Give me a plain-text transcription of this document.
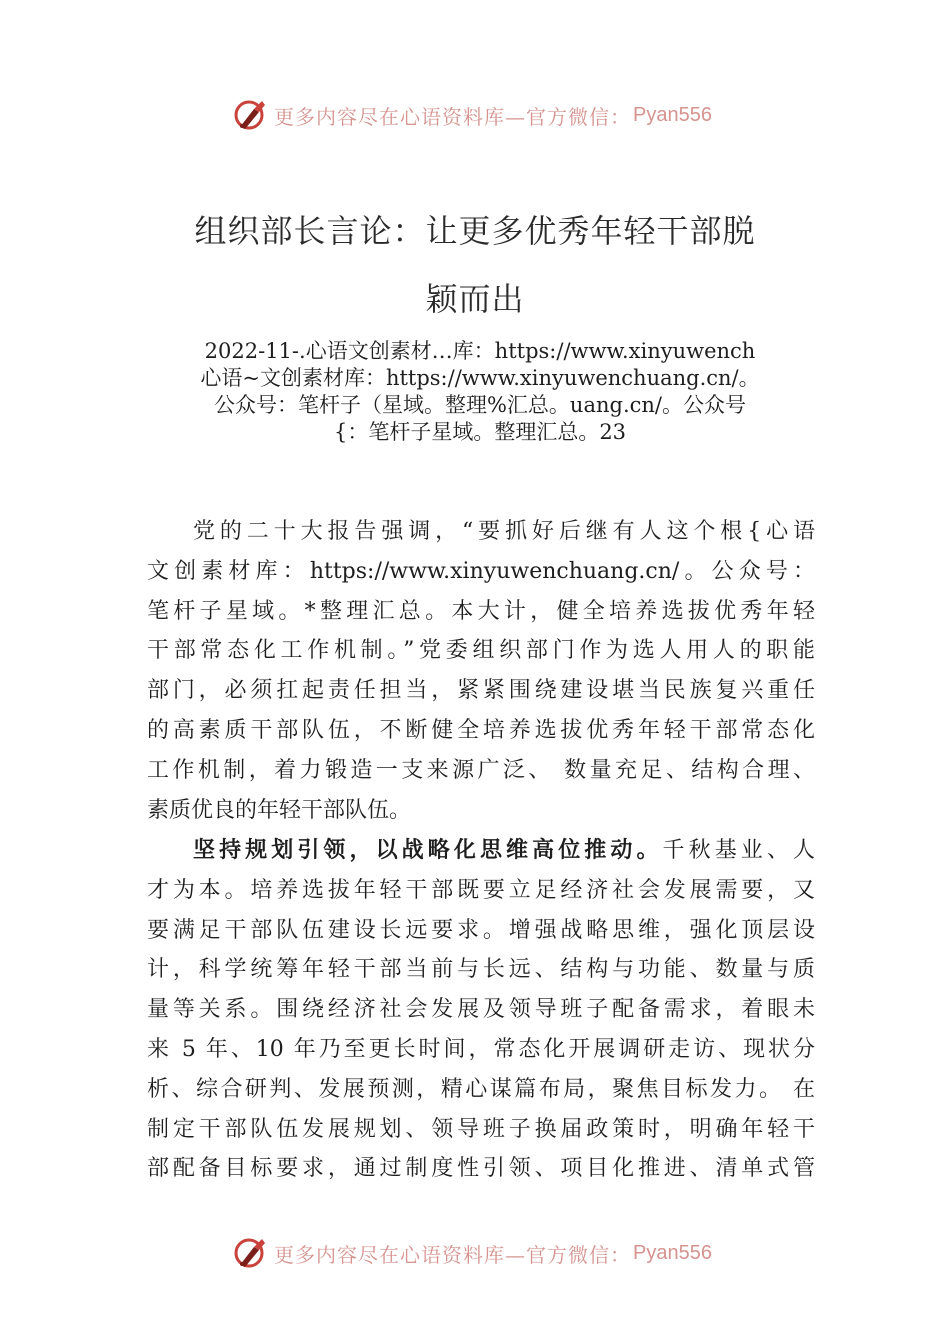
更多内容尽在心语资料库—官方微信： Pyan556
组织部长言论：让更多优秀年轻干部脱
颖而出
2022-11-.心语文创素材…库：https://www.xinyuwench
心语~文创素材库：https://www.xinyuwenchuang.cn/。
公众号：笔杆子（星域。整理%汇总。uang.cn/。公众号
{：笔杆子星域。整理汇总。23
党的二十大报告强调，“要抓好后继有人这个根{心语
文创素材库：https://www.xinyuwenchuang.cn/。公众号：
笔杆子星域。*整理汇总。本大计，健全培养选拔优秀年轻
干部常态化工作机制。”党委组织部门作为选人用人的职能
部门，必须扛起责任担当，紧紧围绕建设堪当民族复兴重任
的高素质干部队伍，不断健全培养选拔优秀年轻干部常态化
工作机制，着力锻造一支来源广泛、 数量充足、结构合理、
素质优良的年轻干部队伍。
坚持规划引领，以战略化思维高位推动。千秋基业、人
才为本。培养选拔年轻干部既要立足经济社会发展需要，又
要满足干部队伍建设长远要求。增强战略思维，强化顶层设
计，科学统筹年轻干部当前与长远、结构与功能、数量与质
量等关系。围绕经济社会发展及领导班子配备需求，着眼未
来 5 年、10 年乃至更长时间，常态化开展调研走访、现状分
析、综合研判、发展预测，精心谋篇布局，聚焦目标发力。 在
制定干部队伍发展规划、领导班子换届政策时，明确年轻干
部配备目标要求，通过制度性引领、项目化推进、清单式管
更多内容尽在心语资料库—官方微信： Pyan556
